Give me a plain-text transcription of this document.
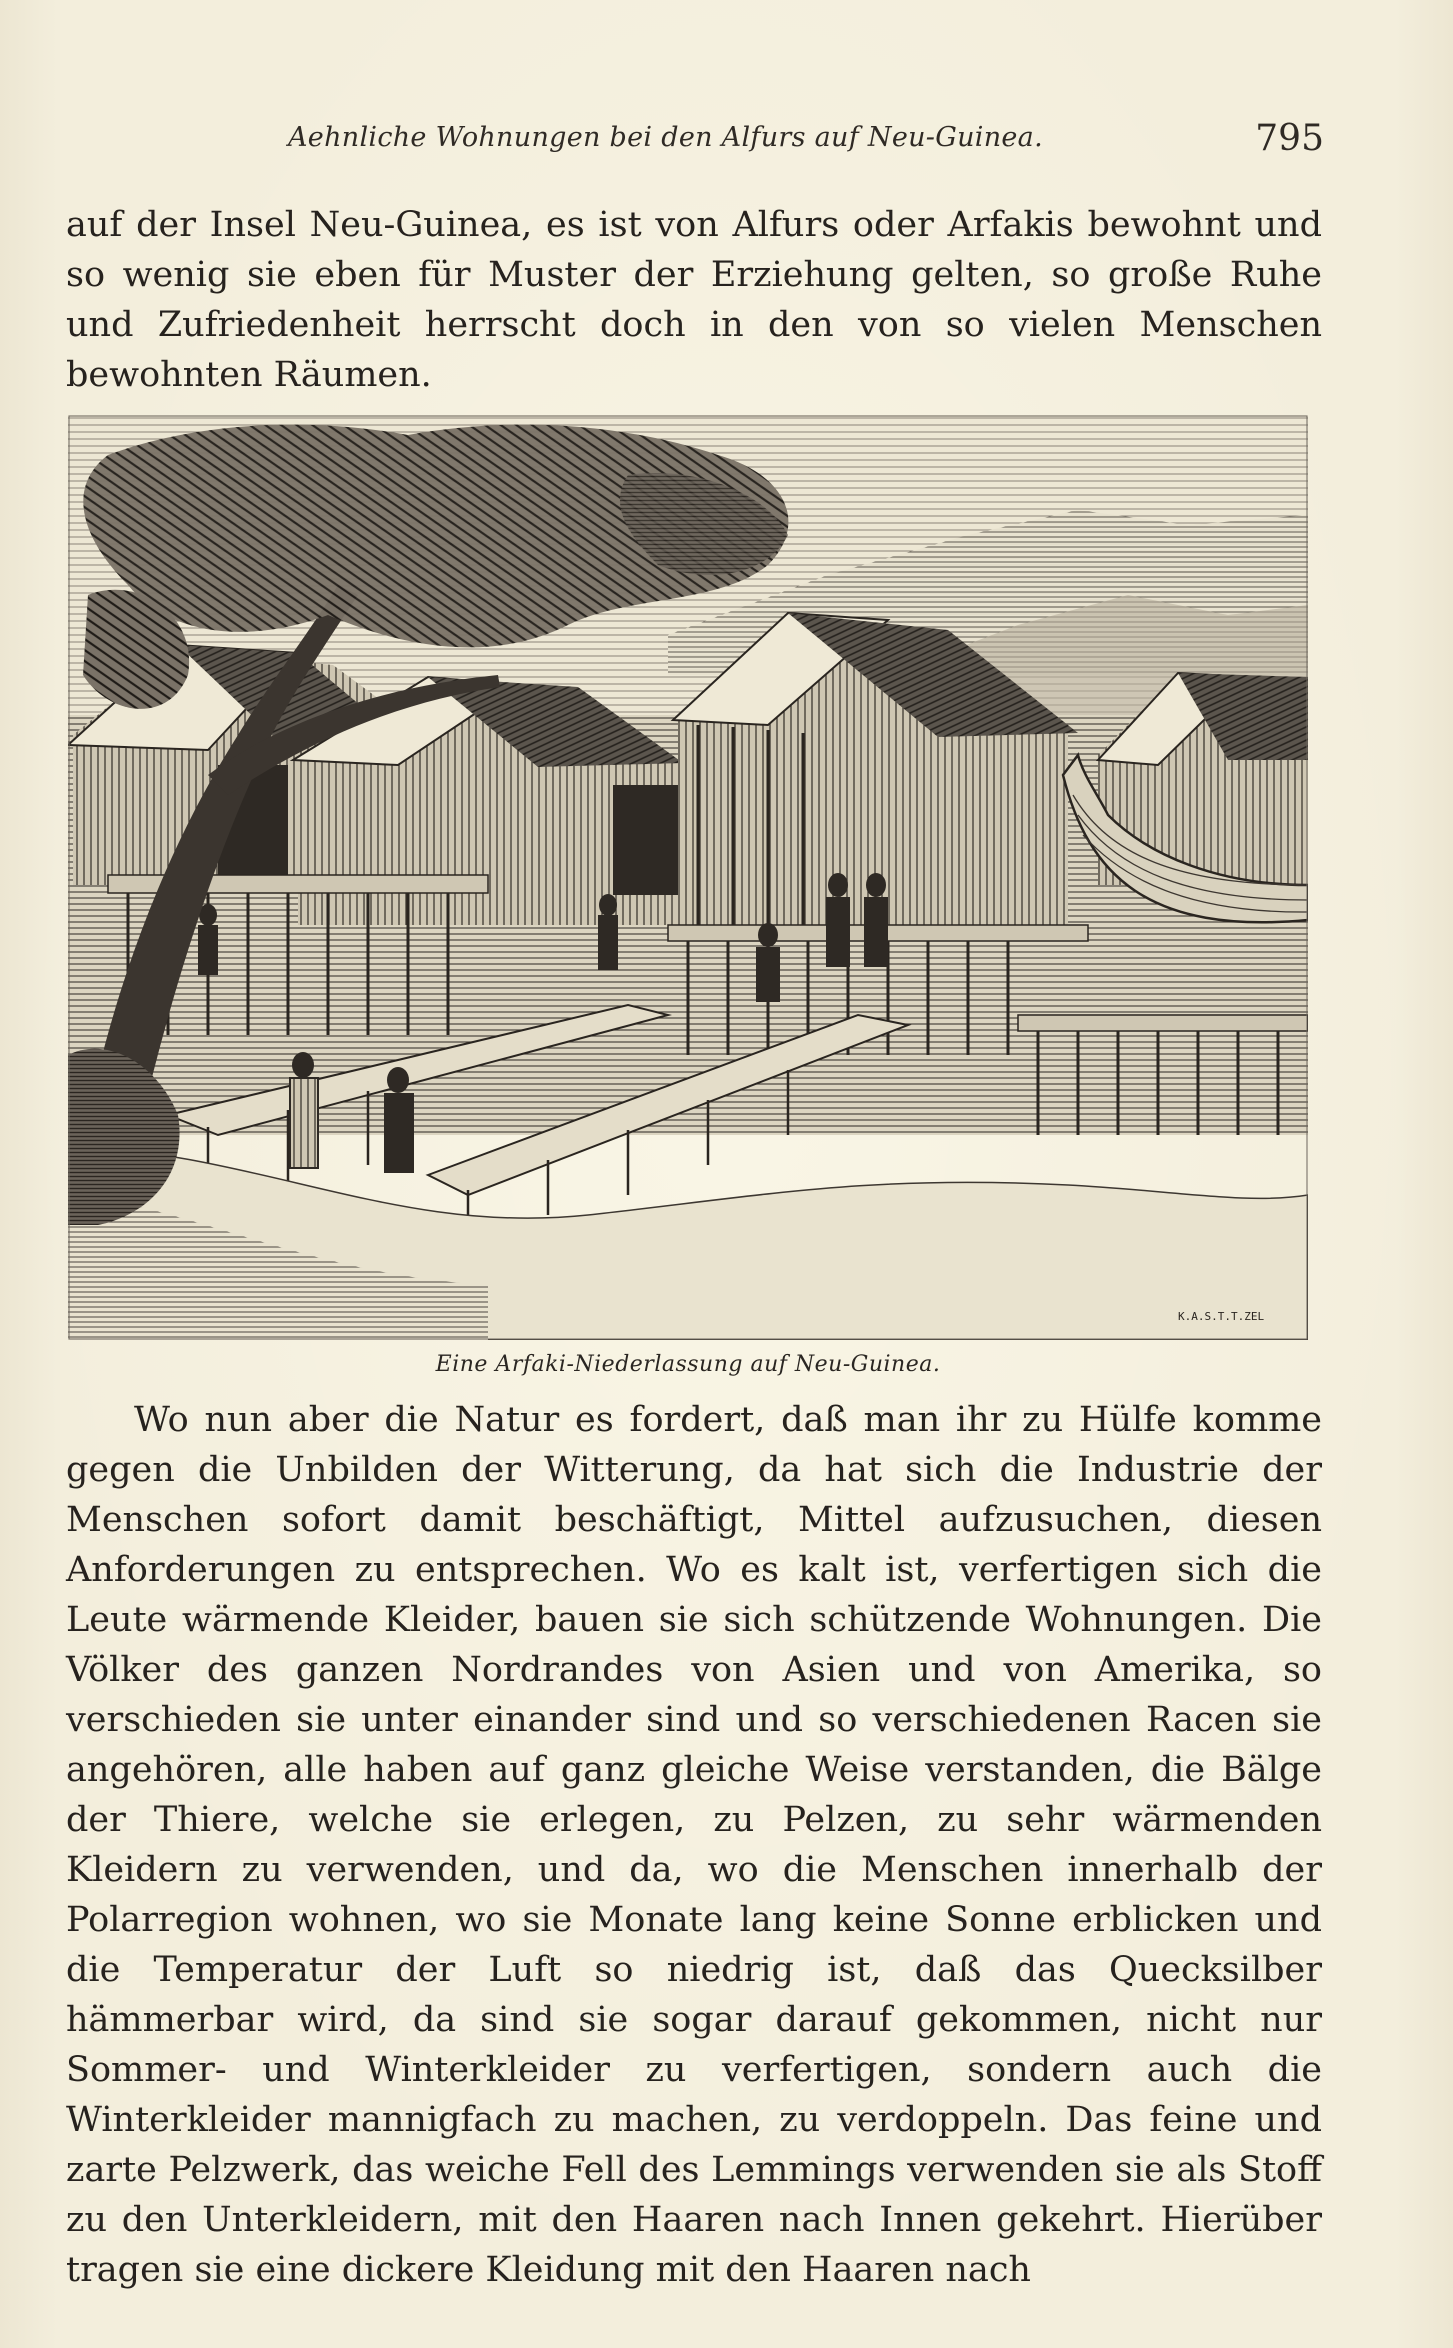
Aehnliche Wohnungen bei den Alfurs auf Neu-Guinea.	795

auf der Insel Neu-Guinea, es ist von Alfurs oder Arfakis bewohnt und so wenig sie eben für Muster der Erziehung gelten, so große Ruhe und Zufriedenheit herrscht doch in den von so vielen Menschen bewohnten Räumen.

K.A.S.T.T.ZEL
Eine Arfaki-Niederlassung auf Neu-Guinea.

Wo nun aber die Natur es fordert, daß man ihr zu Hülfe komme gegen die Unbilden der Witterung, da hat sich die Industrie der Menschen sofort damit beschäftigt, Mittel aufzusuchen, diesen Anforderungen zu entsprechen. Wo es kalt ist, verfertigen sich die Leute wärmende Kleider, bauen sie sich schützende Wohnungen. Die Völker des ganzen Nordrandes von Asien und von Amerika, so verschieden sie unter einander sind und so verschiedenen Racen sie angehören, alle haben auf ganz gleiche Weise verstanden, die Bälge der Thiere, welche sie erlegen, zu Pelzen, zu sehr wärmenden Kleidern zu verwenden, und da, wo die Menschen innerhalb der Polarregion wohnen, wo sie Monate lang keine Sonne erblicken und die Temperatur der Luft so niedrig ist, daß das Quecksilber hämmerbar wird, da sind sie sogar darauf gekommen, nicht nur Sommer- und Winterkleider zu verfertigen, sondern auch die Winterkleider mannigfach zu machen, zu verdoppeln. Das feine und zarte Pelzwerk, das weiche Fell des Lemmings verwenden sie als Stoff zu den Unterkleidern, mit den Haaren nach Innen gekehrt. Hierüber tragen sie eine dickere Kleidung mit den Haaren nach
